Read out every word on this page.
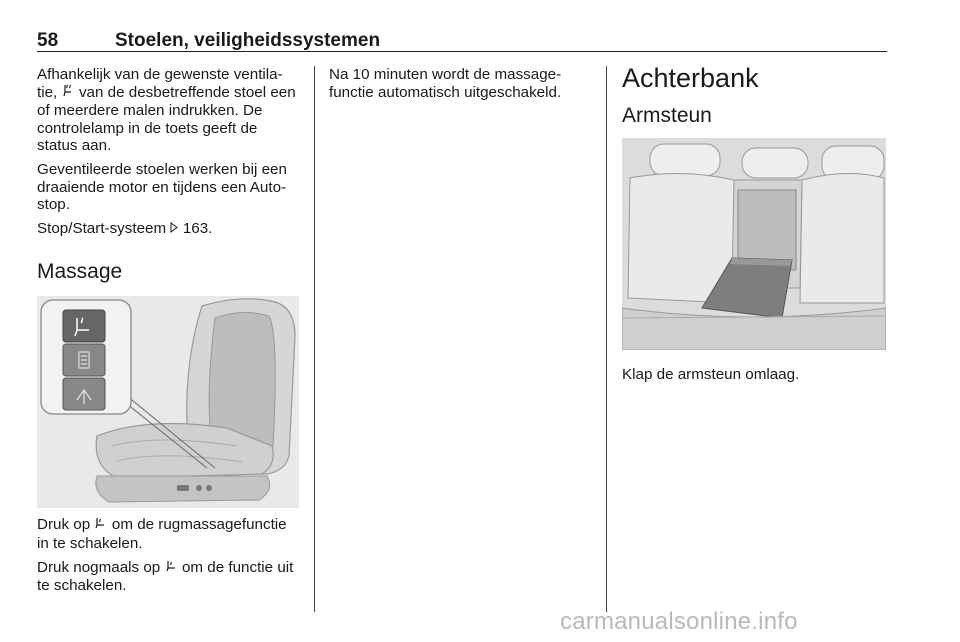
58	Stoelen, veiligheidssystemen

Afhankelijk van de gewenste ventila-tie, van de desbetreffende stoel een of meerdere malen indrukken. De controlelamp in de toets geeft de status aan.

Geventileerde stoelen werken bij een draaiende motor en tijdens een Auto-stop.

Stop/Start-systeem 163.

Massage

Druk op om de rugmassagefunctie in te schakelen.

Druk nogmaals op om de functie uit te schakelen.

Na 10 minuten wordt de massage-functie automatisch uitgeschakeld.	Achterbank
Armsteun

Klap de armsteun omlaag.

carmanualsonline.info
